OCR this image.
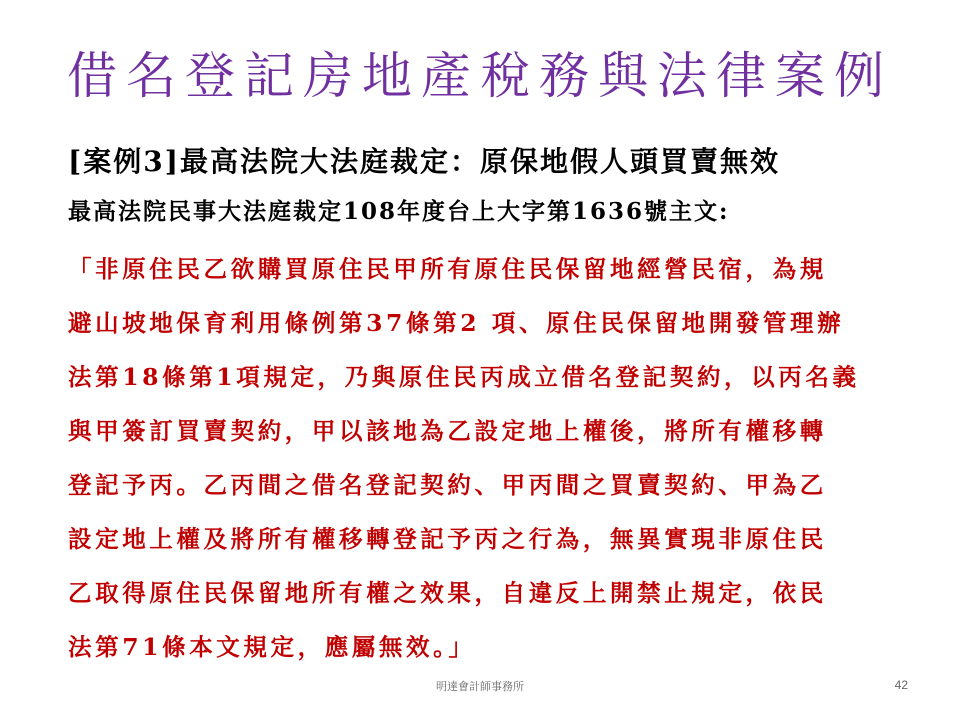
借名登記房地產稅務與法律案例
[案例3]最高法院大法庭裁定：原保地假人頭買賣無效
最高法院民事大法庭裁定108年度台上大字第1636號主文:
「非原住民乙欲購買原住民甲所有原住民保留地經營民宿，為規
避山坡地保育利用條例第37條第2 項、原住民保留地開發管理辦
法第18條第1項規定，乃與原住民丙成立借名登記契約，以丙名義
與甲簽訂買賣契約，甲以該地為乙設定地上權後，將所有權移轉
登記予丙。乙丙間之借名登記契約、甲丙間之買賣契約、甲為乙
設定地上權及將所有權移轉登記予丙之行為，無異實現非原住民
乙取得原住民保留地所有權之效果，自違反上開禁止規定，依民
法第71條本文規定，應屬無效。」
明達會計師事務所	42
